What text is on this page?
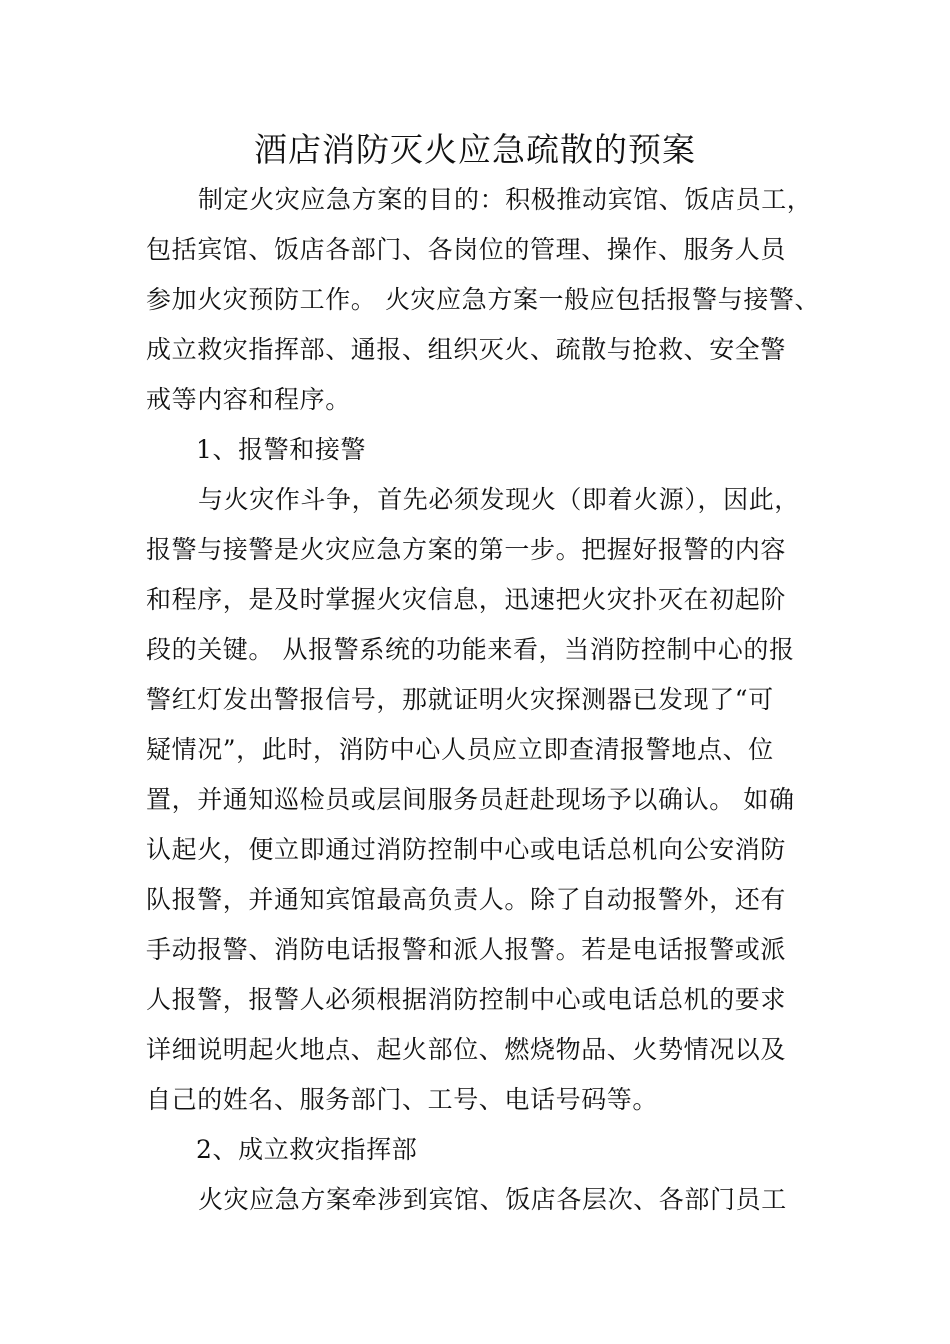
酒店消防灭火应急疏散的预案
制定火灾应急方案的目的：积极推动宾馆、饭店员工，
包括宾馆、饭店各部门、各岗位的管理、操作、服务人员
参加火灾预防工作。 火灾应急方案一般应包括报警与接警、
成立救灾指挥部、通报、组织灭火、疏散与抢救、安全警
戒等内容和程序。
1、报警和接警
与火灾作斗争，首先必须发现火（即着火源），因此，
报警与接警是火灾应急方案的第一步。把握好报警的内容
和程序，是及时掌握火灾信息，迅速把火灾扑灭在初起阶
段的关键。 从报警系统的功能来看，当消防控制中心的报
警红灯发出警报信号，那就证明火灾探测器已发现了“可
疑情况”，此时，消防中心人员应立即查清报警地点、位
置，并通知巡检员或层间服务员赶赴现场予以确认。 如确
认起火，便立即通过消防控制中心或电话总机向公安消防
队报警，并通知宾馆最高负责人。除了自动报警外，还有
手动报警、消防电话报警和派人报警。若是电话报警或派
人报警，报警人必须根据消防控制中心或电话总机的要求
详细说明起火地点、起火部位、燃烧物品、火势情况以及
自己的姓名、服务部门、工号、电话号码等。
2、成立救灾指挥部
火灾应急方案牵涉到宾馆、饭店各层次、各部门员工
